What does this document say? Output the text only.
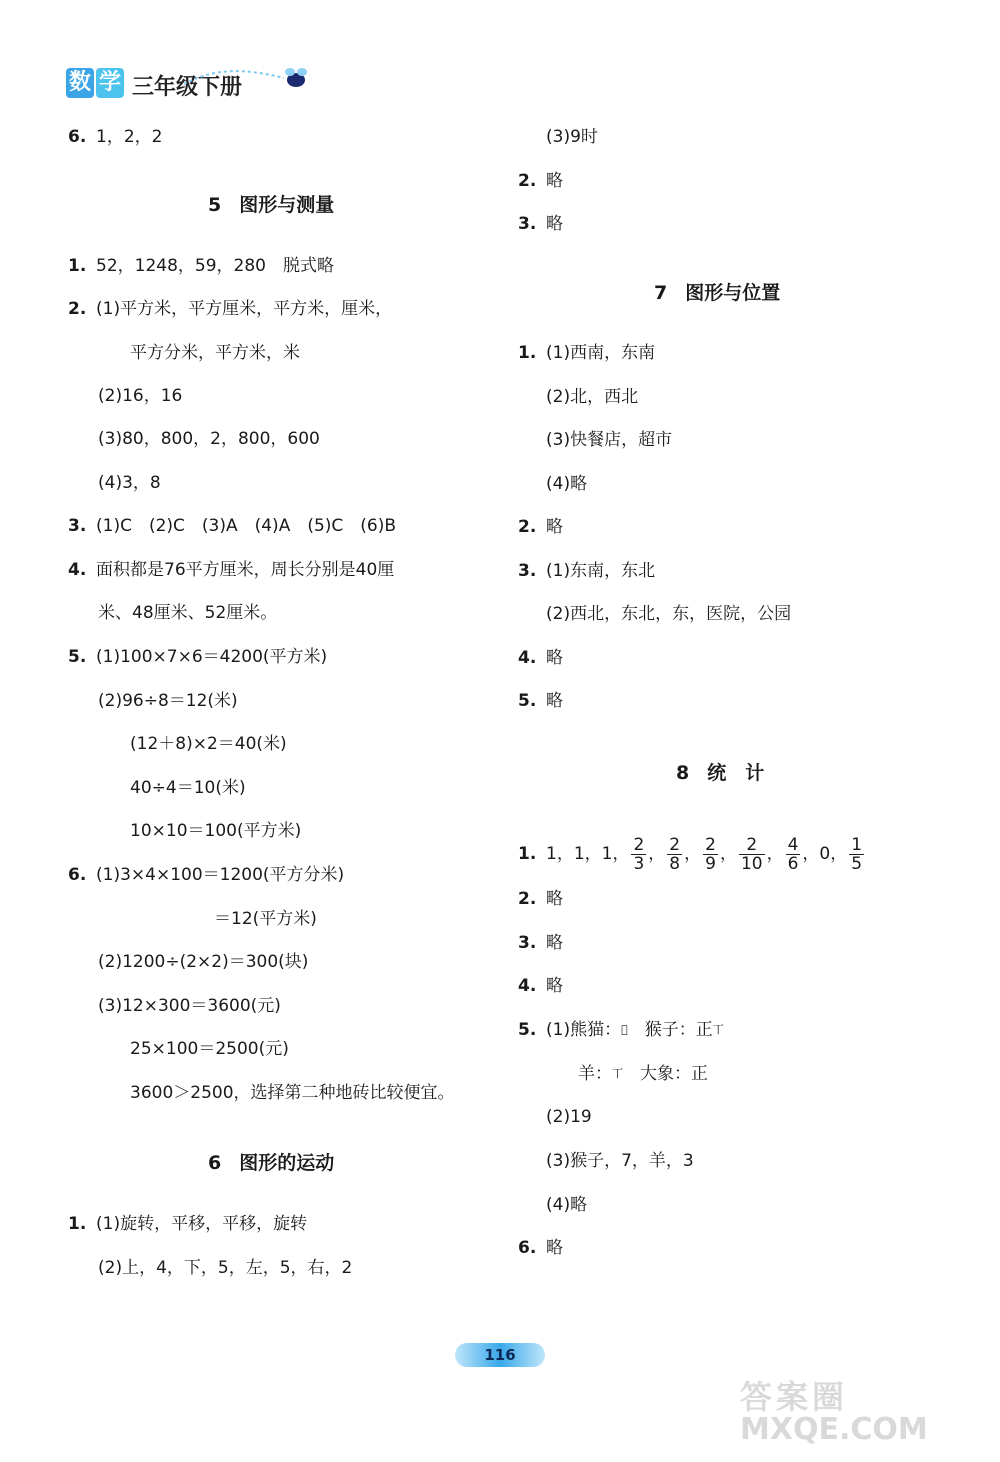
数 学 三年级下册
6. 1，2，2
5 图形与测量
1. 52，1248，59，280　脱式略
2. (1)平方米，平方厘米，平方米，厘米，
平方分米，平方米，米
(2)16，16
(3)80，800，2，800，600
(4)3，8
3. (1)C　(2)C　(3)A　(4)A　(5)C　(6)B
4. 面积都是76平方厘米，周长分别是40厘
米、48厘米、52厘米。
5. (1)100×7×6＝4200(平方米)
(2)96÷8＝12(米)
(12＋8)×2＝40(米)
40÷4＝10(米)
10×10＝100(平方米)
6. (1)3×4×100＝1200(平方分米)
＝12(平方米)
(2)1200÷(2×2)＝300(块)
(3)12×300＝3600(元)
25×100＝2500(元)
3600＞2500，选择第二种地砖比较便宜。
6 图形的运动
1. (1)旋转，平移，平移，旋转
(2)上，4，下，5，左，5，右，2
(3)9时
2. 略
3. 略
7 图形与位置
1. (1)西南，东南
(2)北，西北
(3)快餐店，超市
(4)略
2. 略
3. (1)东南，东北
(2)西北，东北，东，医院，公园
4. 略
5. 略
8 统　计
1. 1，1，1， $\frac{2}{3}$ ， $\frac{2}{8}$ ， $\frac{2}{9}$ ， $\frac{2}{10}$ ， $\frac{4}{6}$ ，0， $\frac{1}{5}$
2. 略
3. 略
4. 略
5. (1)熊猫：𠇐　猴子：正丅
羊：丅　大象：正
(2)19
(3)猴子，7，羊，3
(4)略
6. 略
116
答案圈
MXQE.COM
